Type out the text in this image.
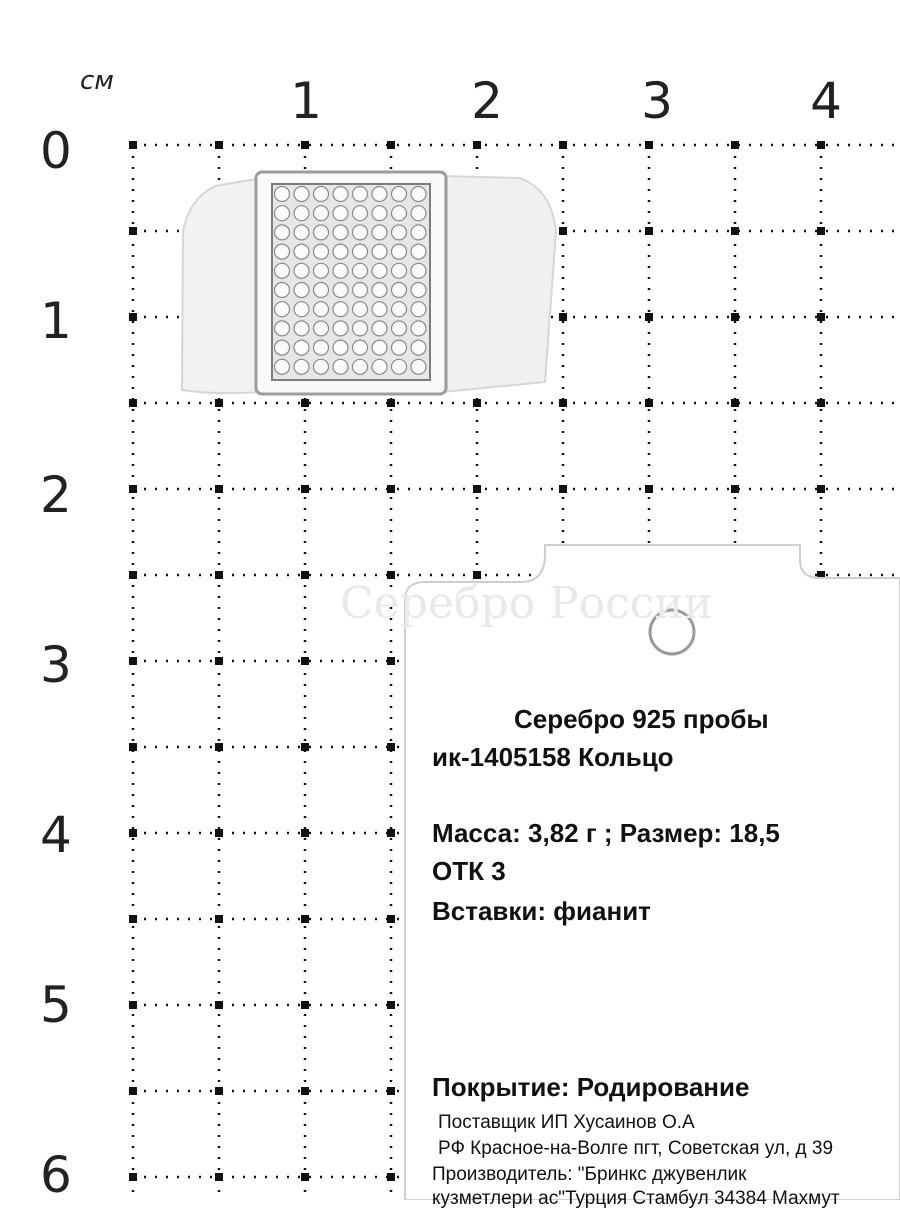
Серебро России
см	1	2	3	4
0
1
2
3
4
5
6
Серебро 925 пробы
ик-1405158 Кольцо
Масса: 3,82 г ; Размер: 18,5
ОТК 3
Вставки: фианит
Покрытие: Родирование
Поставщик ИП Хусаинов О.А
РФ Красное-на-Волге пгт, Советская ул, д 39
Производитель: "Бринкс джувенлик
кузметлери ас"Турция Стамбул 34384 Махмут
